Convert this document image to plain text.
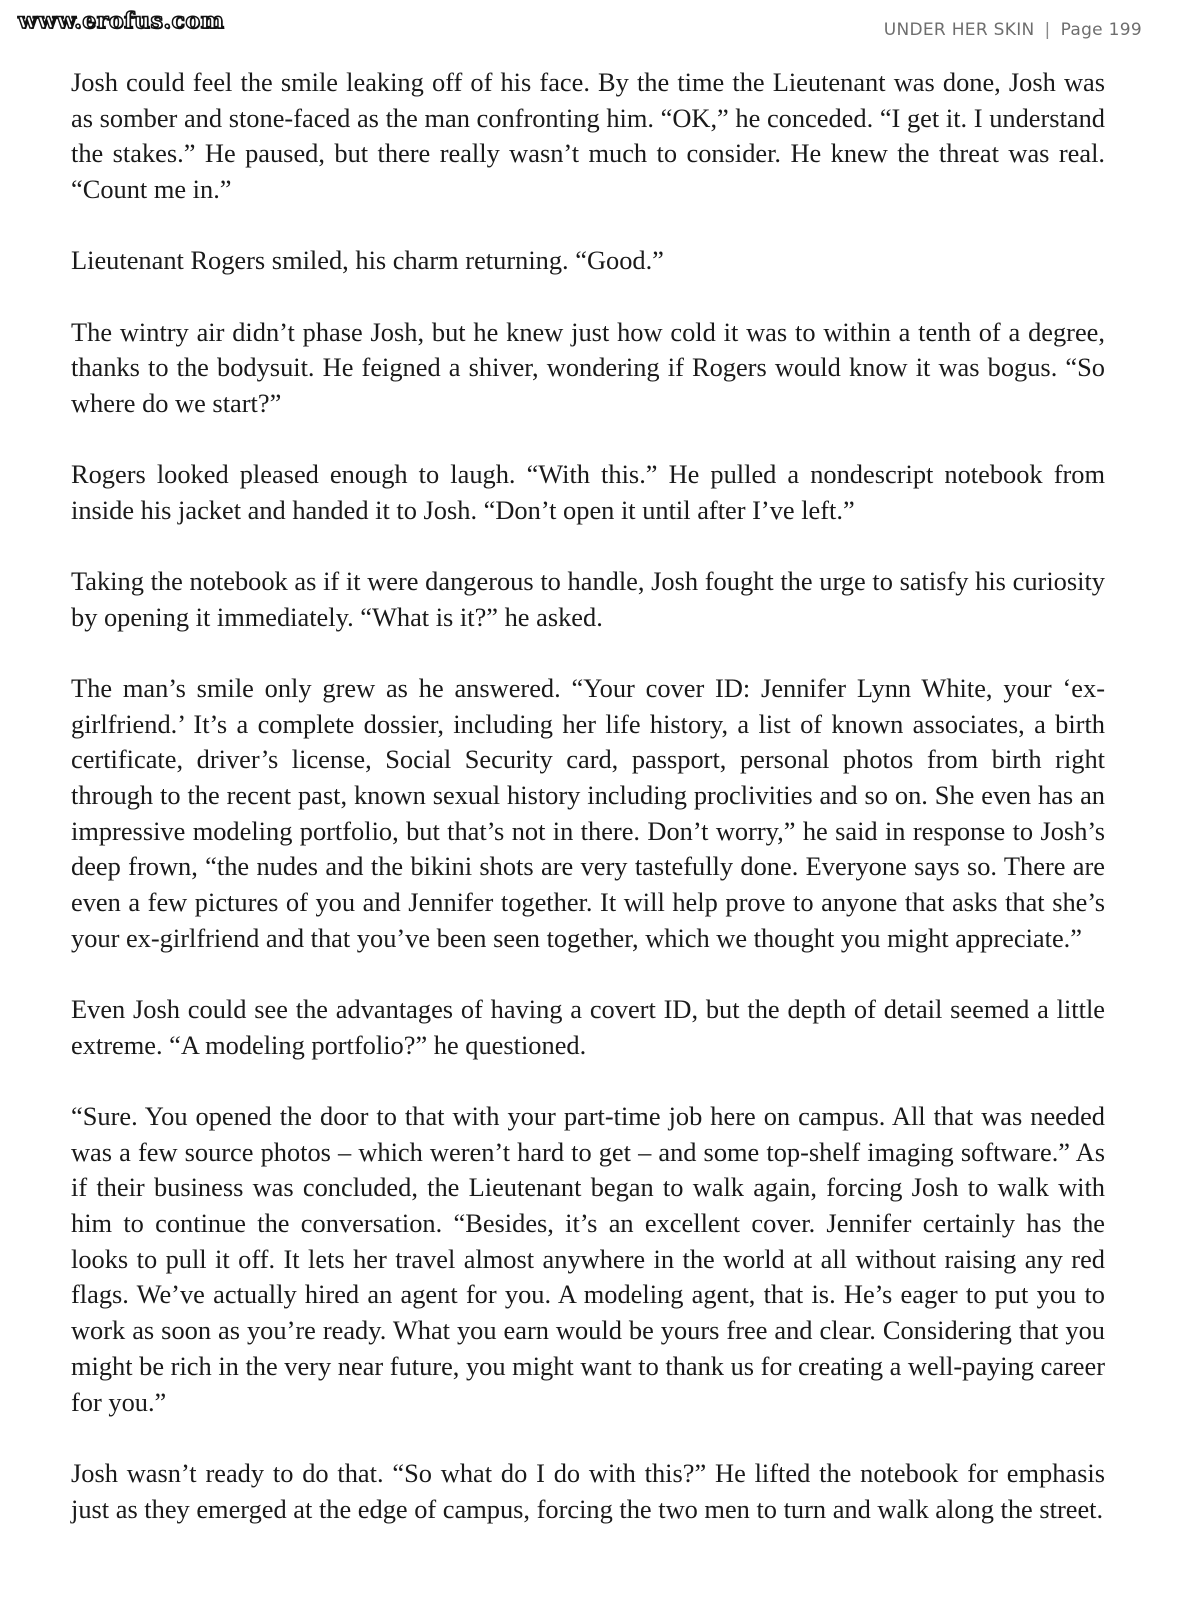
www.erofus.com	UNDER HER SKIN | Page 199

Josh could feel the smile leaking off of his face. By the time the Lieutenant was done, Josh was as somber and stone-faced as the man confronting him. “OK,” he conceded. “I get it. I understand the stakes.” He paused, but there really wasn’t much to consider. He knew the threat was real. “Count me in.”

Lieutenant Rogers smiled, his charm returning. “Good.”

The wintry air didn’t phase Josh, but he knew just how cold it was to within a tenth of a degree, thanks to the bodysuit. He feigned a shiver, wondering if Rogers would know it was bogus. “So where do we start?”

Rogers looked pleased enough to laugh. “With this.” He pulled a nondescript notebook from inside his jacket and handed it to Josh. “Don’t open it until after I’ve left.”

Taking the notebook as if it were dangerous to handle, Josh fought the urge to satisfy his curiosity by opening it immediately. “What is it?” he asked.

The man’s smile only grew as he answered. “Your cover ID: Jennifer Lynn White, your ‘ex-girlfriend.’ It’s a complete dossier, including her life history, a list of known associates, a birth certificate, driver’s license, Social Security card, passport, personal photos from birth right through to the recent past, known sexual history including proclivities and so on. She even has an impressive modeling portfolio, but that’s not in there. Don’t worry,” he said in response to Josh’s deep frown, “the nudes and the bikini shots are very tastefully done. Everyone says so. There are even a few pictures of you and Jennifer together. It will help prove to anyone that asks that she’s your ex-girlfriend and that you’ve been seen together, which we thought you might appreciate.”

Even Josh could see the advantages of having a covert ID, but the depth of detail seemed a little extreme. “A modeling portfolio?” he questioned.

“Sure. You opened the door to that with your part-time job here on campus. All that was needed was a few source photos – which weren’t hard to get – and some top-shelf imaging software.” As if their business was concluded, the Lieutenant began to walk again, forcing Josh to walk with him to continue the conversation. “Besides, it’s an excellent cover. Jennifer certainly has the looks to pull it off. It lets her travel almost anywhere in the world at all without raising any red flags. We’ve actually hired an agent for you. A modeling agent, that is. He’s eager to put you to work as soon as you’re ready. What you earn would be yours free and clear. Considering that you might be rich in the very near future, you might want to thank us for creating a well-paying career for you.”

Josh wasn’t ready to do that. “So what do I do with this?” He lifted the notebook for emphasis just as they emerged at the edge of campus, forcing the two men to turn and walk along the street.
